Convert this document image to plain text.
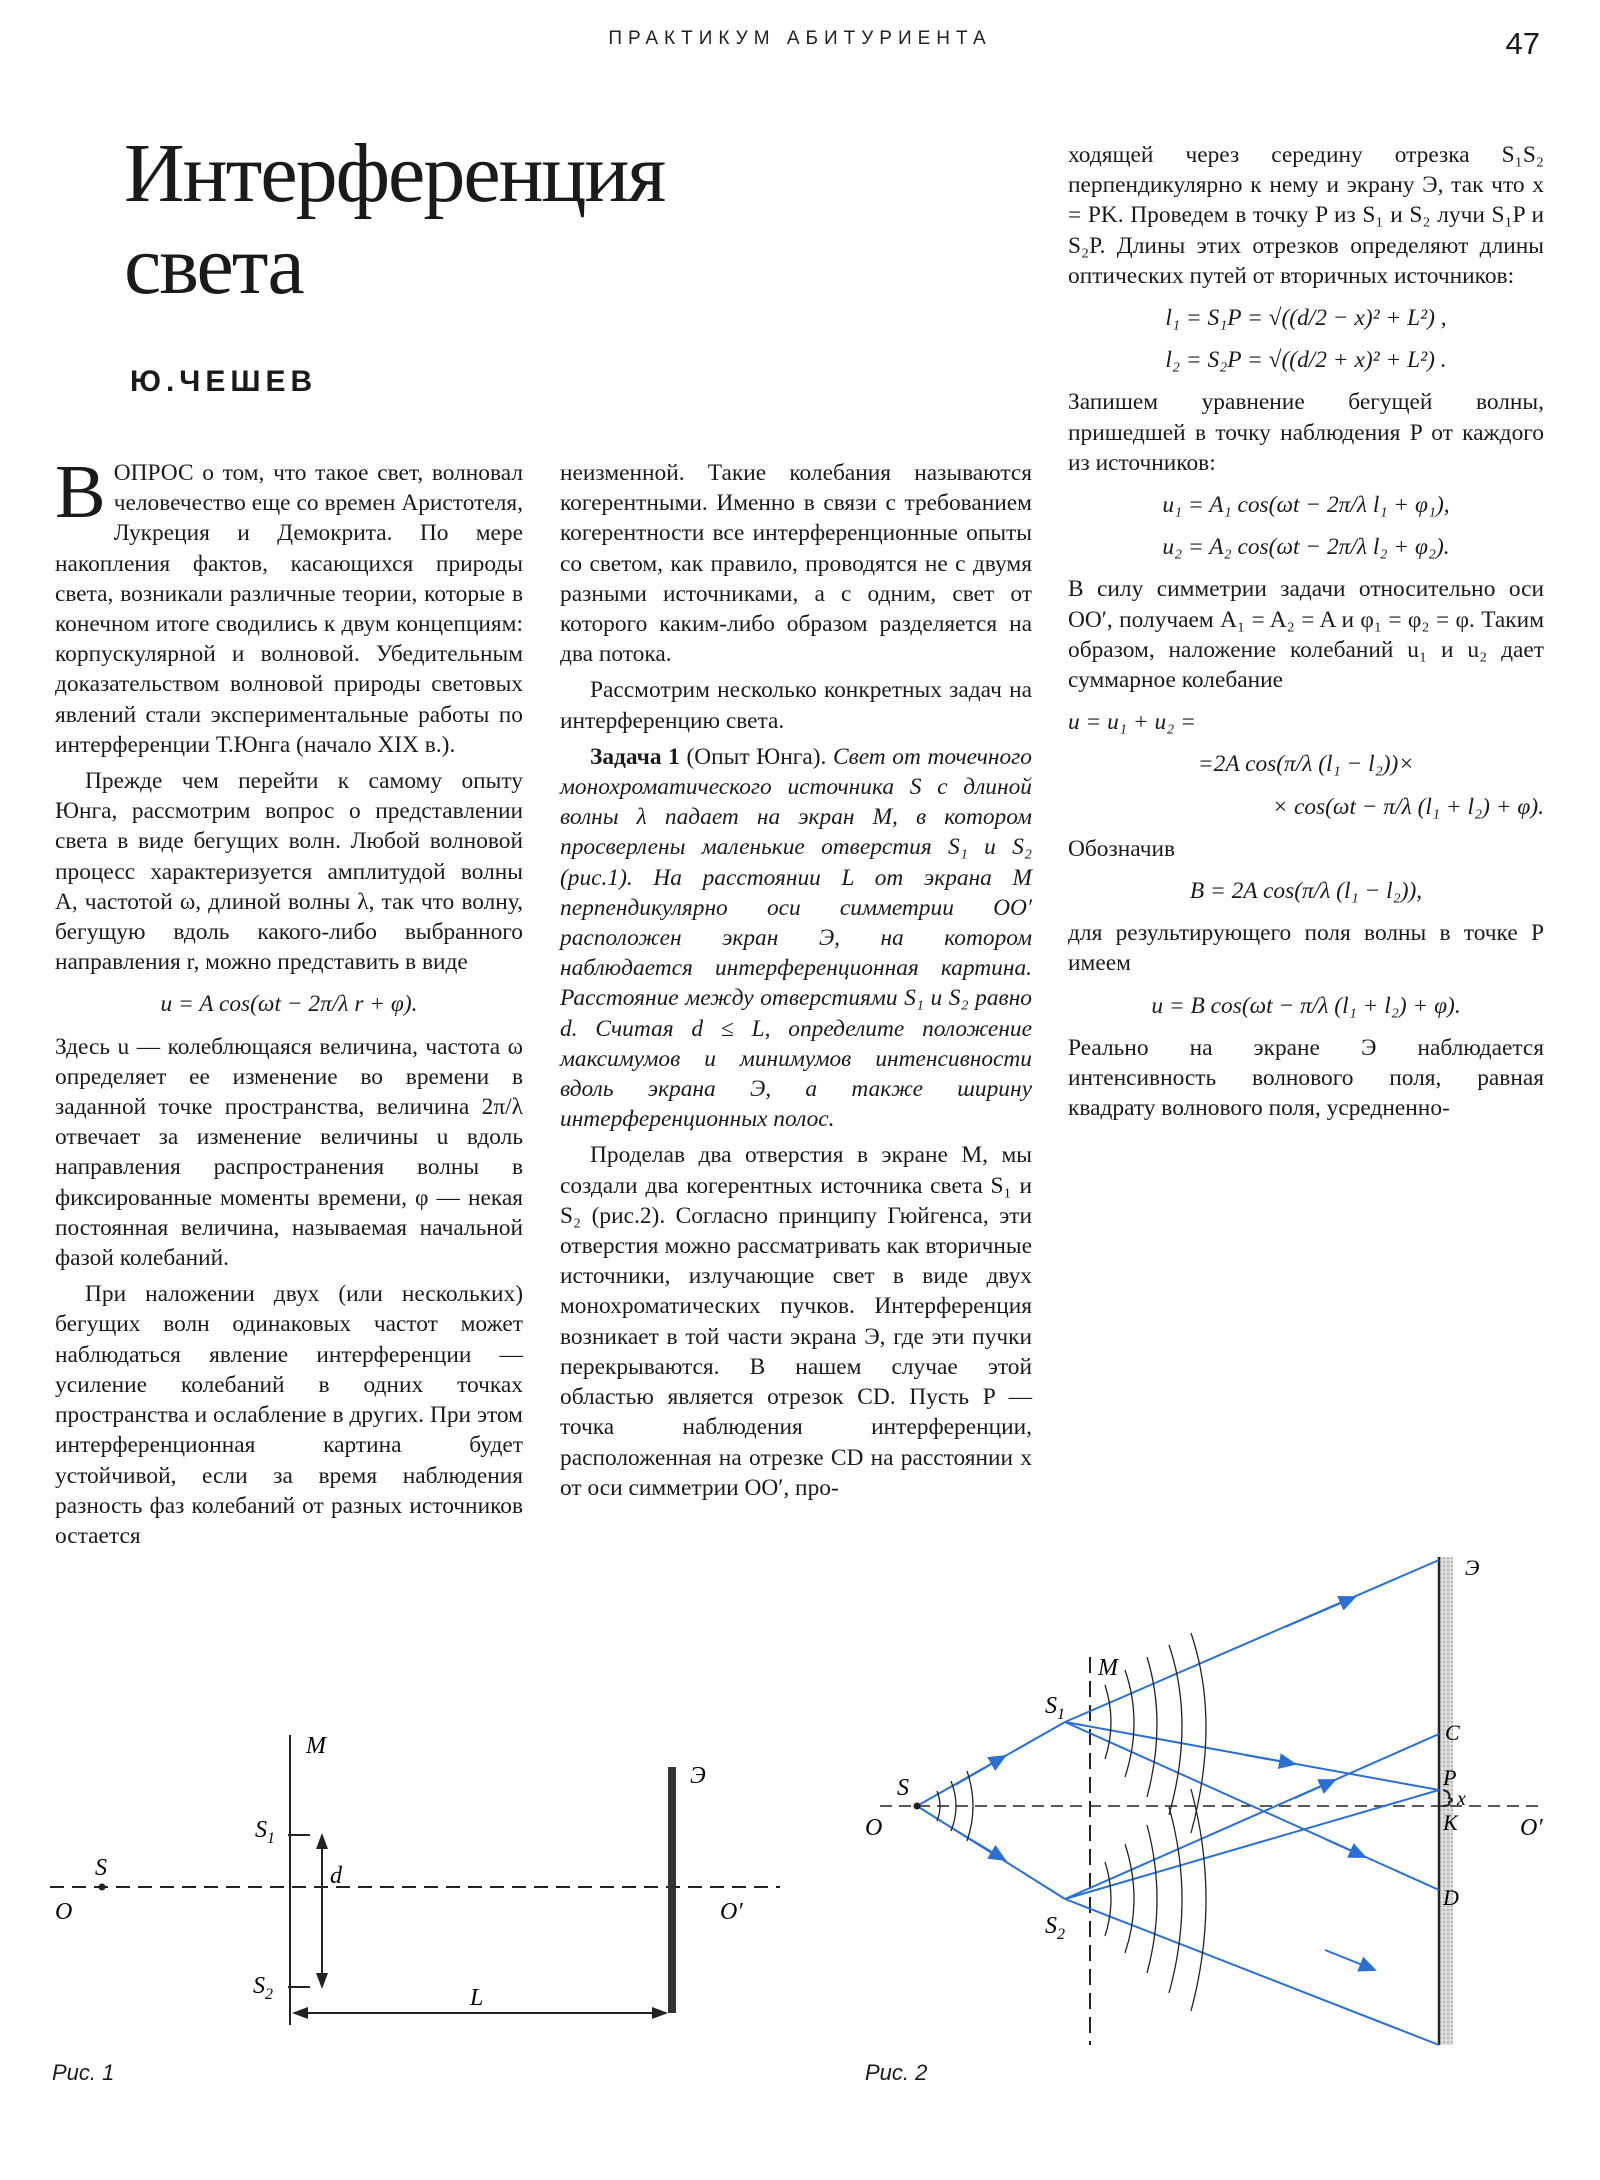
ПРАКТИКУМ АБИТУРИЕНТА	47
Интерференция
света
Ю.ЧЕШЕВ

ВОПРОС о том, что такое свет, волновал человечество еще со времен Аристотеля, Лукреция и Демокрита. По мере накопления фактов, касающихся природы света, возникали различные теории, которые в конечном итоге сводились к двум концепциям: корпускулярной и волновой. Убедительным доказательством волновой природы световых явлений стали экспериментальные работы по интерференции Т.Юнга (начало XIX в.).

Прежде чем перейти к самому опыту Юнга, рассмотрим вопрос о представлении света в виде бегущих волн. Любой волновой процесс характеризуется амплитудой волны A, частотой ω, длиной волны λ, так что волну, бегущую вдоль какого-либо выбранного направления r, можно представить в виде

u = A cos(ωt − 2π/λ r + φ).

Здесь u — колеблющаяся величина, частота ω определяет ее изменение во времени в заданной точке пространства, величина 2π/λ отвечает за изменение величины u вдоль направления распространения волны в фиксированные моменты времени, φ — некая постоянная величина, называемая начальной фазой колебаний.

При наложении двух (или нескольких) бегущих волн одинаковых частот может наблюдаться явление интерференции — усиление колебаний в одних точках пространства и ослабление в других. При этом интерференционная картина будет устойчивой, если за время наблюдения разность фаз колебаний от разных источников остается

неизменной. Такие колебания называются когерентными. Именно в связи с требованием когерентности все интерференционные опыты со светом, как правило, проводятся не с двумя разными источниками, а с одним, свет от которого каким-либо образом разделяется на два потока.

Рассмотрим несколько конкретных задач на интерференцию света.

Задача 1 (Опыт Юнга). Свет от точечного монохроматического источника S с длиной волны λ падает на экран M, в котором просверлены маленькие отверстия S₁ и S₂ (рис.1). На расстоянии L от экрана M перпендикулярно оси симметрии OO′ расположен экран Э, на котором наблюдается интерференционная картина. Расстояние между отверстиями S₁ и S₂ равно d. Считая d ≤ L, определите положение максимумов и минимумов интенсивности вдоль экрана Э, а также ширину интерференционных полос.

Проделав два отверстия в экране M, мы создали два когерентных источника света S₁ и S₂ (рис.2). Согласно принципу Гюйгенса, эти отверстия можно рассматривать как вторичные источники, излучающие свет в виде двух монохроматических пучков. Интерференция возникает в той части экрана Э, где эти пучки перекрываются. В нашем случае этой областью является отрезок CD. Пусть P — точка наблюдения интерференции, расположенная на отрезке CD на расстоянии x от оси симметрии OO′, про-

ходящей через середину отрезка S₁S₂ перпендикулярно к нему и экрану Э, так что x = PK. Проведем в точку P из S₁ и S₂ лучи S₁P и S₂P. Длины этих отрезков определяют длины оптических путей от вторичных источников:

l₁ = S₁P = √((d/2 − x)² + L²) ,
l₂ = S₂P = √((d/2 + x)² + L²) .

Запишем уравнение бегущей волны, пришедшей в точку наблюдения P от каждого из источников:

u₁ = A₁ cos(ωt − 2π/λ l₁ + φ₁),
u₂ = A₂ cos(ωt − 2π/λ l₂ + φ₂).

В силу симметрии задачи относительно оси OO′, получаем A₁ = A₂ = A и φ₁ = φ₂ = φ. Таким образом, наложение колебаний u₁ и u₂ дает суммарное колебание

u = u₁ + u₂ =
=2A cos(π/λ (l₁ − l₂))×
× cos(ωt − π/λ (l₁ + l₂) + φ).

Обозначив

B = 2A cos(π/λ (l₁ − l₂)),

для результирующего поля волны в точке P имеем

u = B cos(ωt − π/λ (l₁ + l₂) + φ).

Реально на экране Э наблюдается интенсивность волнового поля, равная квадрату волнового поля, усредненно-

M
$S_1$
$S_2$
S
O	O′
Э
d
L
Рис. 1
Э
M
$S_1$
$S_2$
S
O	O′
C
P
x
K
D
Рис. 2
